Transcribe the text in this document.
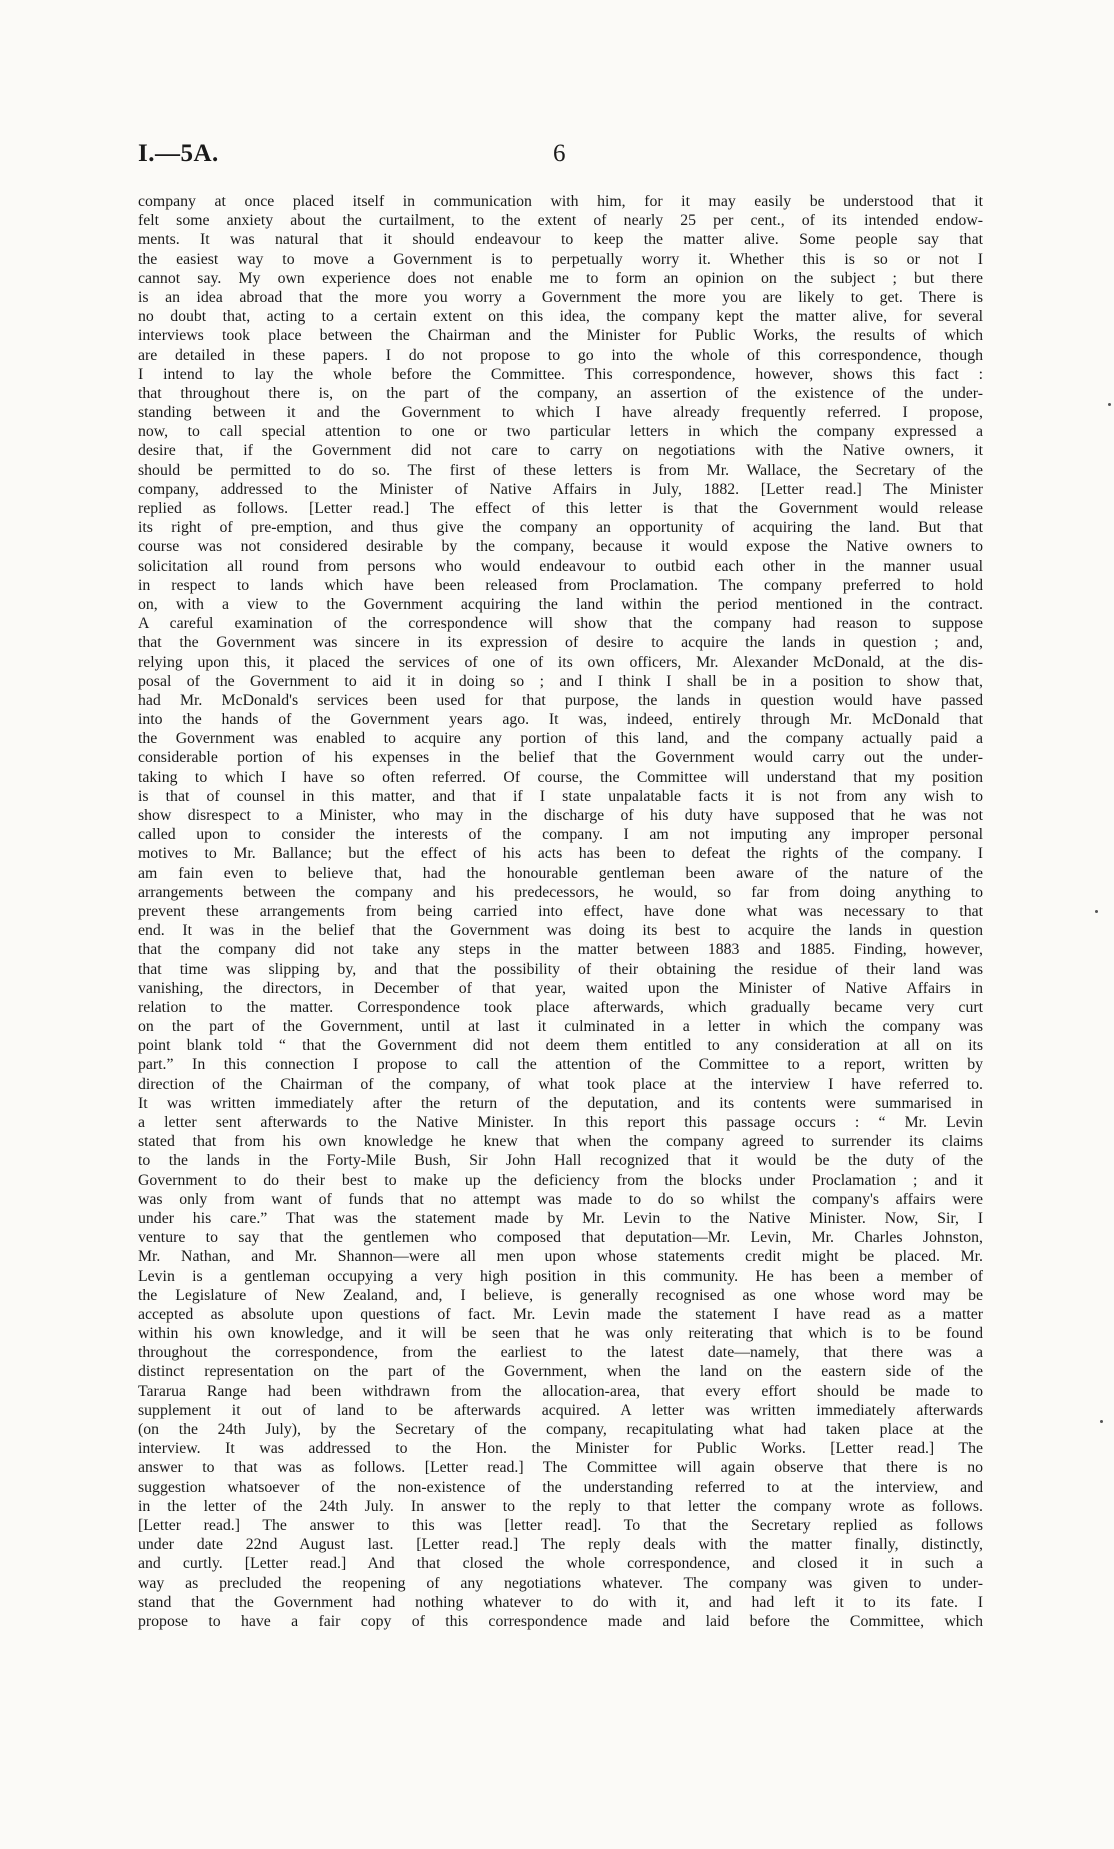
I.—5A.	6
company at once placed itself in communication with him, for it may easily be understood that it
felt some anxiety about the curtailment, to the extent of nearly 25 per cent., of its intended endow-
ments. It was natural that it should endeavour to keep the matter alive. Some people say that
the easiest way to move a Government is to perpetually worry it. Whether this is so or not I
cannot say. My own experience does not enable me to form an opinion on the subject ; but there
is an idea abroad that the more you worry a Government the more you are likely to get. There is
no doubt that, acting to a certain extent on this idea, the company kept the matter alive, for several
interviews took place between the Chairman and the Minister for Public Works, the results of which
are detailed in these papers. I do not propose to go into the whole of this correspondence, though
I intend to lay the whole before the Committee. This correspondence, however, shows this fact :
that throughout there is, on the part of the company, an assertion of the existence of the under-
standing between it and the Government to which I have already frequently referred. I propose,
now, to call special attention to one or two particular letters in which the company expressed a
desire that, if the Government did not care to carry on negotiations with the Native owners, it
should be permitted to do so. The first of these letters is from Mr. Wallace, the Secretary of the
company, addressed to the Minister of Native Affairs in July, 1882. [Letter read.] The Minister
replied as follows. [Letter read.] The effect of this letter is that the Government would release
its right of pre-emption, and thus give the company an opportunity of acquiring the land. But that
course was not considered desirable by the company, because it would expose the Native owners to
solicitation all round from persons who would endeavour to outbid each other in the manner usual
in respect to lands which have been released from Proclamation. The company preferred to hold
on, with a view to the Government acquiring the land within the period mentioned in the contract.
A careful examination of the correspondence will show that the company had reason to suppose
that the Government was sincere in its expression of desire to acquire the lands in question ; and,
relying upon this, it placed the services of one of its own officers, Mr. Alexander McDonald, at the dis-
posal of the Government to aid it in doing so ; and I think I shall be in a position to show that,
had Mr. McDonald's services been used for that purpose, the lands in question would have passed
into the hands of the Government years ago. It was, indeed, entirely through Mr. McDonald that
the Government was enabled to acquire any portion of this land, and the company actually paid a
considerable portion of his expenses in the belief that the Government would carry out the under-
taking to which I have so often referred. Of course, the Committee will understand that my position
is that of counsel in this matter, and that if I state unpalatable facts it is not from any wish to
show disrespect to a Minister, who may in the discharge of his duty have supposed that he was not
called upon to consider the interests of the company. I am not imputing any improper personal
motives to Mr. Ballance; but the effect of his acts has been to defeat the rights of the company. I
am fain even to believe that, had the honourable gentleman been aware of the nature of the
arrangements between the company and his predecessors, he would, so far from doing anything to
prevent these arrangements from being carried into effect, have done what was necessary to that
end. It was in the belief that the Government was doing its best to acquire the lands in question
that the company did not take any steps in the matter between 1883 and 1885. Finding, however,
that time was slipping by, and that the possibility of their obtaining the residue of their land was
vanishing, the directors, in December of that year, waited upon the Minister of Native Affairs in
relation to the matter. Correspondence took place afterwards, which gradually became very curt
on the part of the Government, until at last it culminated in a letter in which the company was
point blank told “ that the Government did not deem them entitled to any consideration at all on its
part.” In this connection I propose to call the attention of the Committee to a report, written by
direction of the Chairman of the company, of what took place at the interview I have referred to.
It was written immediately after the return of the deputation, and its contents were summarised in
a letter sent afterwards to the Native Minister. In this report this passage occurs : “ Mr. Levin
stated that from his own knowledge he knew that when the company agreed to surrender its claims
to the lands in the Forty-Mile Bush, Sir John Hall recognized that it would be the duty of the
Government to do their best to make up the deficiency from the blocks under Proclamation ; and it
was only from want of funds that no attempt was made to do so whilst the company's affairs were
under his care.” That was the statement made by Mr. Levin to the Native Minister. Now, Sir, I
venture to say that the gentlemen who composed that deputation—Mr. Levin, Mr. Charles Johnston,
Mr. Nathan, and Mr. Shannon—were all men upon whose statements credit might be placed. Mr.
Levin is a gentleman occupying a very high position in this community. He has been a member of
the Legislature of New Zealand, and, I believe, is generally recognised as one whose word may be
accepted as absolute upon questions of fact. Mr. Levin made the statement I have read as a matter
within his own knowledge, and it will be seen that he was only reiterating that which is to be found
throughout the correspondence, from the earliest to the latest date—namely, that there was a
distinct representation on the part of the Government, when the land on the eastern side of the
Tararua Range had been withdrawn from the allocation-area, that every effort should be made to
supplement it out of land to be afterwards acquired. A letter was written immediately afterwards
(on the 24th July), by the Secretary of the company, recapitulating what had taken place at the
interview. It was addressed to the Hon. the Minister for Public Works. [Letter read.] The
answer to that was as follows. [Letter read.] The Committee will again observe that there is no
suggestion whatsoever of the non-existence of the understanding referred to at the interview, and
in the letter of the 24th July. In answer to the reply to that letter the company wrote as follows.
[Letter read.] The answer to this was [letter read]. To that the Secretary replied as follows
under date 22nd August last. [Letter read.] The reply deals with the matter finally, distinctly,
and curtly. [Letter read.] And that closed the whole correspondence, and closed it in such a
way as precluded the reopening of any negotiations whatever. The company was given to under-
stand that the Government had nothing whatever to do with it, and had left it to its fate. I
propose to have a fair copy of this correspondence made and laid before the Committee, which
